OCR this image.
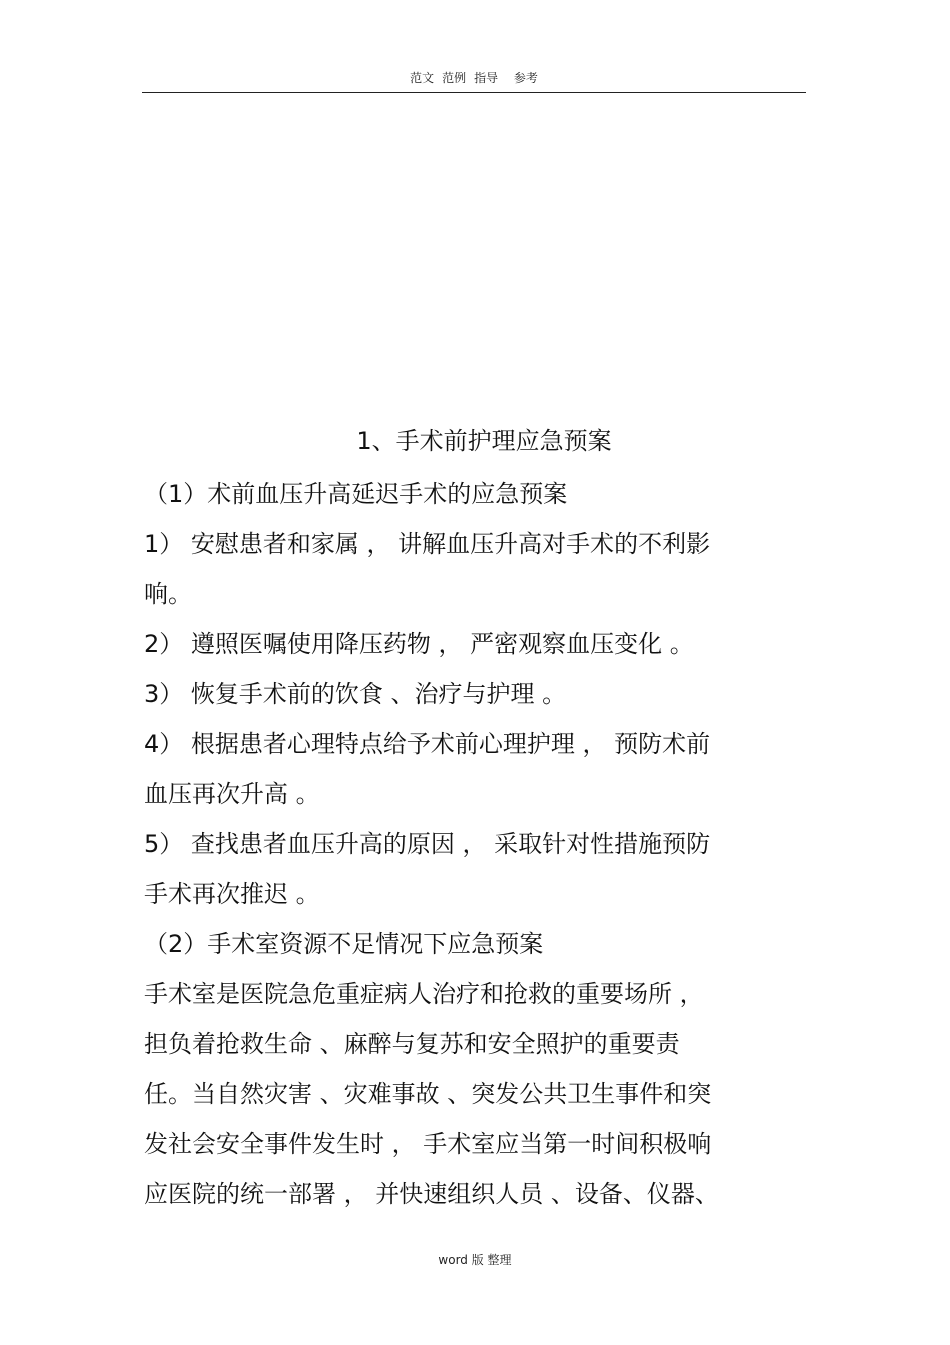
范文 范例 指导 参考
1、手术前护理应急预案
（1）术前血压升高延迟手术的应急预案
1） 安慰患者和家属 ， 讲解血压升高对手术的不利影
响。
2） 遵照医嘱使用降压药物 ， 严密观察血压变化 。
3） 恢复手术前的饮食 、治疗与护理 。
4） 根据患者心理特点给予术前心理护理 ， 预防术前
血压再次升高 。
5） 查找患者血压升高的原因 ， 采取针对性措施预防
手术再次推迟 。
（2）手术室资源不足情况下应急预案
手术室是医院急危重症病人治疗和抢救的重要场所 ，
担负着抢救生命 、麻醉与复苏和安全照护的重要责
任。当自然灾害 、灾难事故 、突发公共卫生事件和突
发社会安全事件发生时 ， 手术室应当第一时间积极响
应医院的统一部署 ， 并快速组织人员 、设备、仪器、
word 版 整理
